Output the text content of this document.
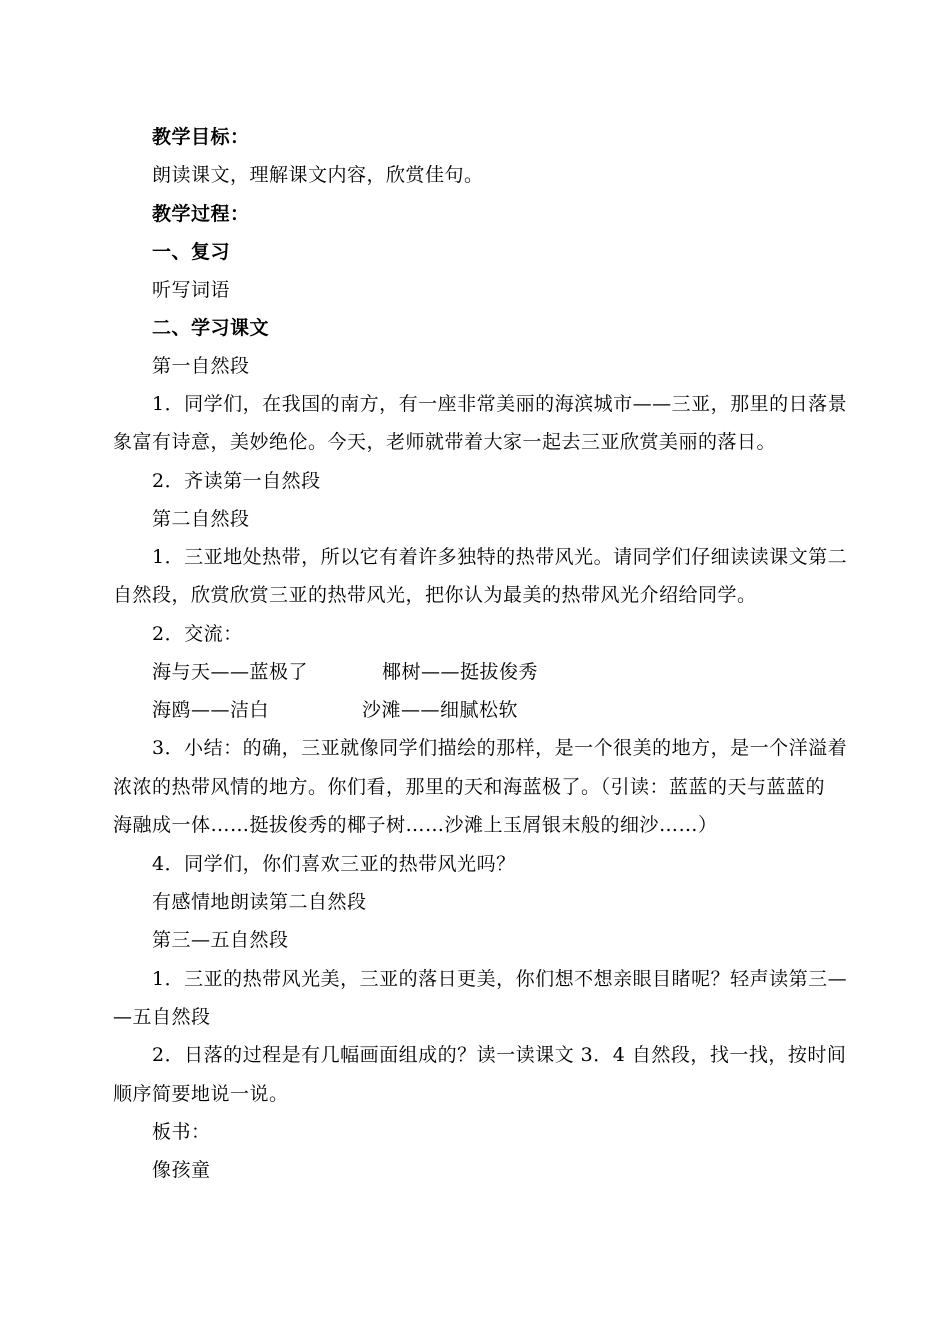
教学目标：
朗读课文，理解课文内容，欣赏佳句。
教学过程：
一、复习
听写词语
二、学习课文
第一自然段
1．同学们，在我国的南方，有一座非常美丽的海滨城市——三亚，那里的日落景
象富有诗意，美妙绝伦。今天，老师就带着大家一起去三亚欣赏美丽的落日。
2．齐读第一自然段
第二自然段
1．三亚地处热带，所以它有着许多独特的热带风光。请同学们仔细读读课文第二
自然段，欣赏欣赏三亚的热带风光，把你认为最美的热带风光介绍给同学。
2．交流：
海与天——蓝极了	椰树——挺拔俊秀
海鸥——洁白	沙滩——细腻松软
3．小结：的确，三亚就像同学们描绘的那样，是一个很美的地方，是一个洋溢着
浓浓的热带风情的地方。你们看，那里的天和海蓝极了。（引读：蓝蓝的天与蓝蓝的
海融成一体……挺拔俊秀的椰子树……沙滩上玉屑银末般的细沙……）
4．同学们，你们喜欢三亚的热带风光吗？
有感情地朗读第二自然段
第三—五自然段
1．三亚的热带风光美，三亚的落日更美，你们想不想亲眼目睹呢？轻声读第三—
—五自然段
2．日落的过程是有几幅画面组成的？读一读课文 3．4 自然段，找一找，按时间
顺序简要地说一说。
板书：
像孩童
